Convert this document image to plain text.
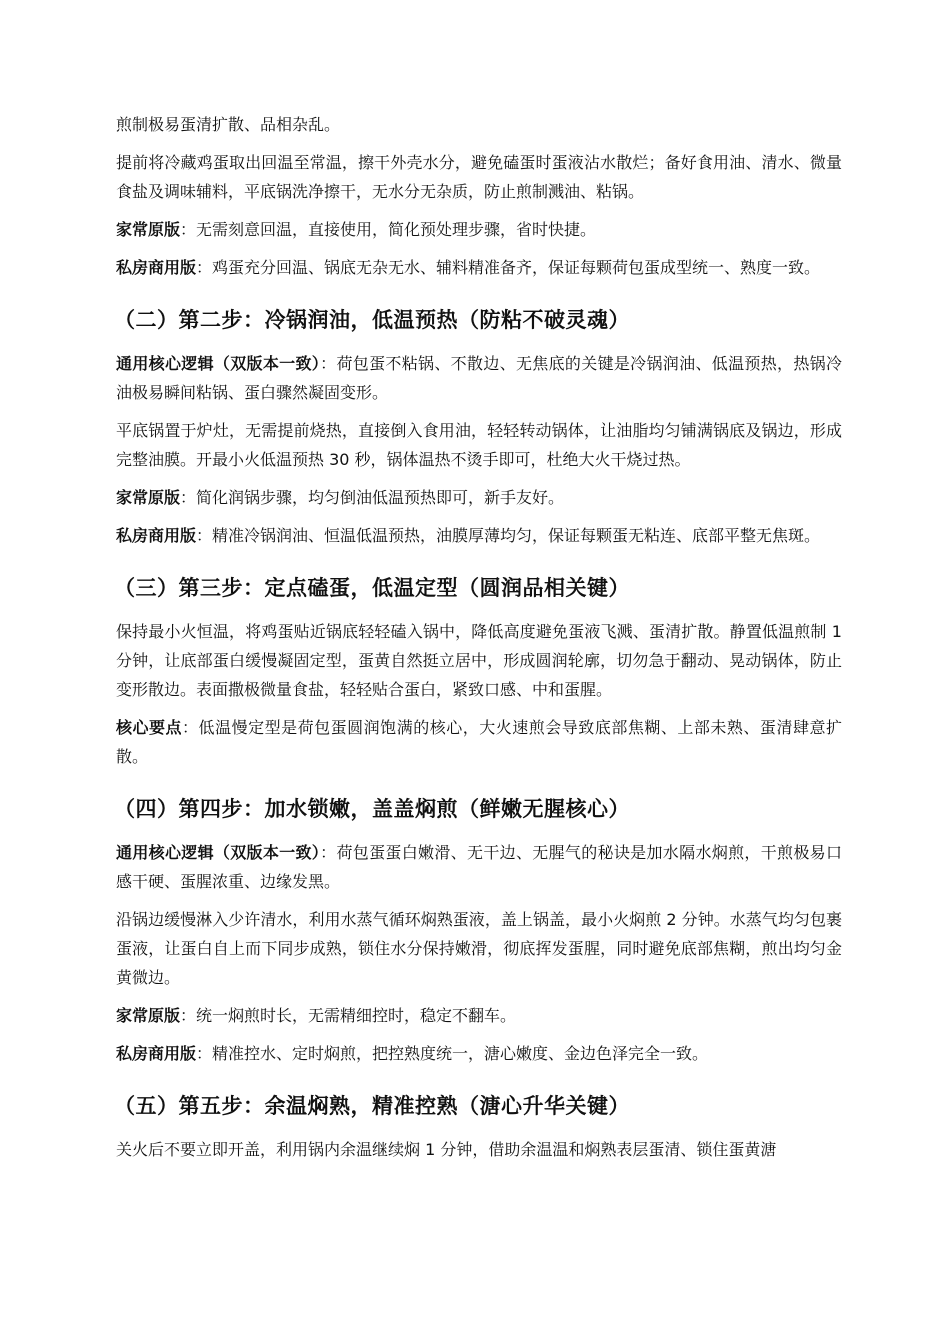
煎制极易蛋清扩散、品相杂乱。

提前将冷藏鸡蛋取出回温至常温，擦干外壳水分，避免磕蛋时蛋液沾水散烂；备好食用油、清水、微量食盐及调味辅料，平底锅洗净擦干，无水分无杂质，防止煎制溅油、粘锅。

家常原版：无需刻意回温，直接使用，简化预处理步骤，省时快捷。

私房商用版：鸡蛋充分回温、锅底无杂无水、辅料精准备齐，保证每颗荷包蛋成型统一、熟度一致。

（二）第二步：冷锅润油，低温预热（防粘不破灵魂）

通用核心逻辑（双版本一致）：荷包蛋不粘锅、不散边、无焦底的关键是冷锅润油、低温预热，热锅冷油极易瞬间粘锅、蛋白骤然凝固变形。

平底锅置于炉灶，无需提前烧热，直接倒入食用油，轻轻转动锅体，让油脂均匀铺满锅底及锅边，形成完整油膜。开最小火低温预热 30 秒，锅体温热不烫手即可，杜绝大火干烧过热。

家常原版：简化润锅步骤，均匀倒油低温预热即可，新手友好。

私房商用版：精准冷锅润油、恒温低温预热，油膜厚薄均匀，保证每颗蛋无粘连、底部平整无焦斑。

（三）第三步：定点磕蛋，低温定型（圆润品相关键）

保持最小火恒温，将鸡蛋贴近锅底轻轻磕入锅中，降低高度避免蛋液飞溅、蛋清扩散。静置低温煎制 1 分钟，让底部蛋白缓慢凝固定型，蛋黄自然挺立居中，形成圆润轮廓，切勿急于翻动、晃动锅体，防止变形散边。表面撒极微量食盐，轻轻贴合蛋白，紧致口感、中和蛋腥。

核心要点：低温慢定型是荷包蛋圆润饱满的核心，大火速煎会导致底部焦糊、上部未熟、蛋清肆意扩散。

（四）第四步：加水锁嫩，盖盖焖煎（鲜嫩无腥核心）

通用核心逻辑（双版本一致）：荷包蛋蛋白嫩滑、无干边、无腥气的秘诀是加水隔水焖煎，干煎极易口感干硬、蛋腥浓重、边缘发黑。

沿锅边缓慢淋入少许清水，利用水蒸气循环焖熟蛋液，盖上锅盖，最小火焖煎 2 分钟。水蒸气均匀包裹蛋液，让蛋白自上而下同步成熟，锁住水分保持嫩滑，彻底挥发蛋腥，同时避免底部焦糊，煎出均匀金黄微边。

家常原版：统一焖煎时长，无需精细控时，稳定不翻车。

私房商用版：精准控水、定时焖煎，把控熟度统一，溏心嫩度、金边色泽完全一致。

（五）第五步：余温焖熟，精准控熟（溏心升华关键）

关火后不要立即开盖，利用锅内余温继续焖 1 分钟，借助余温温和焖熟表层蛋清、锁住蛋黄溏
